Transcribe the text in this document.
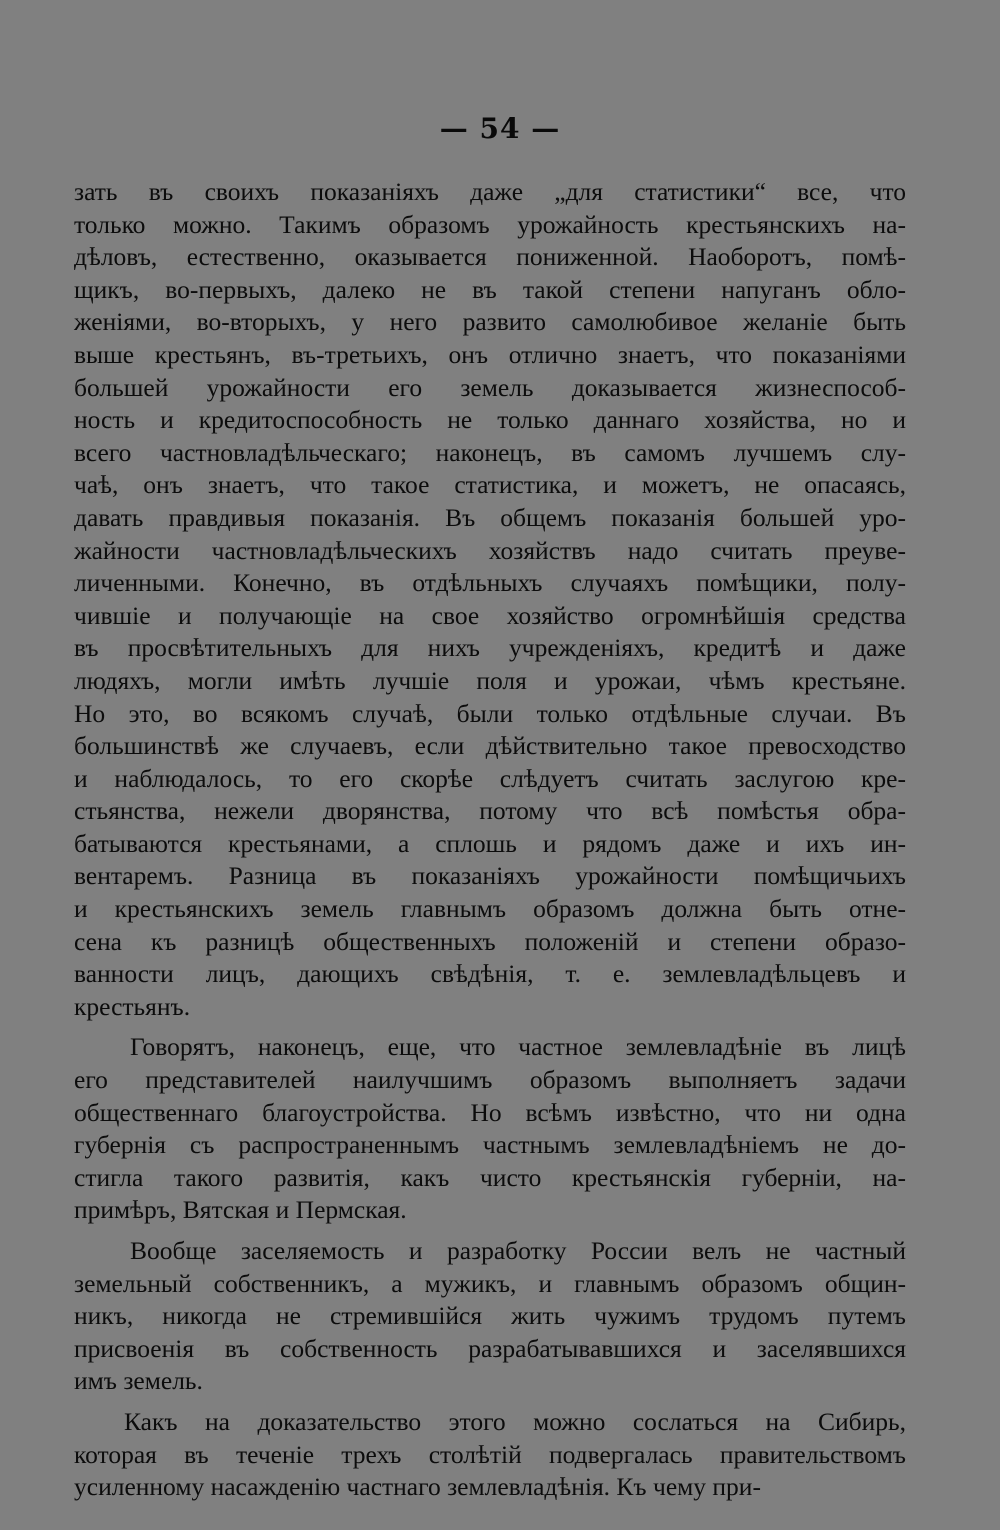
— 54 —
зать въ своихъ показаніяхъ даже „для статистики“ все, что
только можно. Такимъ образомъ урожайность крестьянскихъ на-
дѣловъ, естественно, оказывается пониженной. Наоборотъ, помѣ-
щикъ, во-первыхъ, далеко не въ такой степени напуганъ обло-
женіями, во-вторыхъ, у него развито самолюбивое желаніе быть
выше крестьянъ, въ-третьихъ, онъ отлично знаетъ, что показаніями
большей урожайности его земель доказывается жизнеспособ-
ность и кредитоспособность не только даннаго хозяйства, но и
всего частновладѣльческаго; наконецъ, въ самомъ лучшемъ слу-
чаѣ, онъ знаетъ, что такое статистика, и можетъ, не опасаясь,
давать правдивыя показанія. Въ общемъ показанія большей уро-
жайности частновладѣльческихъ хозяйствъ надо считать преуве-
личенными. Конечно, въ отдѣльныхъ случаяхъ помѣщики, полу-
чившіе и получающіе на свое хозяйство огромнѣйшія средства
въ просвѣтительныхъ для нихъ учрежденіяхъ, кредитѣ и даже
людяхъ, могли имѣть лучшіе поля и урожаи, чѣмъ крестьяне.
Но это, во всякомъ случаѣ, были только отдѣльные случаи. Въ
большинствѣ же случаевъ, если дѣйствительно такое превосходство
и наблюдалось, то его скорѣе слѣдуетъ считать заслугою кре-
стьянства, нежели дворянства, потому что всѣ помѣстья обра-
батываются крестьянами, а сплошь и рядомъ даже и ихъ ин-
вентаремъ. Разница въ показаніяхъ урожайности помѣщичьихъ
и крестьянскихъ земель главнымъ образомъ должна быть отне-
сена къ разницѣ общественныхъ положеній и степени образо-
ванности лицъ, дающихъ свѣдѣнія, т. е. землевладѣльцевъ и
крестьянъ.
Говорятъ, наконецъ, еще, что частное землевладѣніе въ лицѣ
его представителей наилучшимъ образомъ выполняетъ задачи
общественнаго благоустройства. Но всѣмъ извѣстно, что ни одна
губернія съ распространеннымъ частнымъ землевладѣніемъ не до-
стигла такого развитія, какъ чисто крестьянскія губерніи, на-
примѣръ, Вятская и Пермская.
Вообще заселяемость и разработку России велъ не частный
земельный собственникъ, а мужикъ, и главнымъ образомъ общин-
никъ, никогда не стремившійся жить чужимъ трудомъ путемъ
присвоенія въ собственность разрабатывавшихся и заселявшихся
имъ земель.
Какъ на доказательство этого можно сослаться на Сибирь,
которая въ теченіе трехъ столѣтій подвергалась правительствомъ
усиленному насажденію частнаго землевладѣнія. Къ чему при-
